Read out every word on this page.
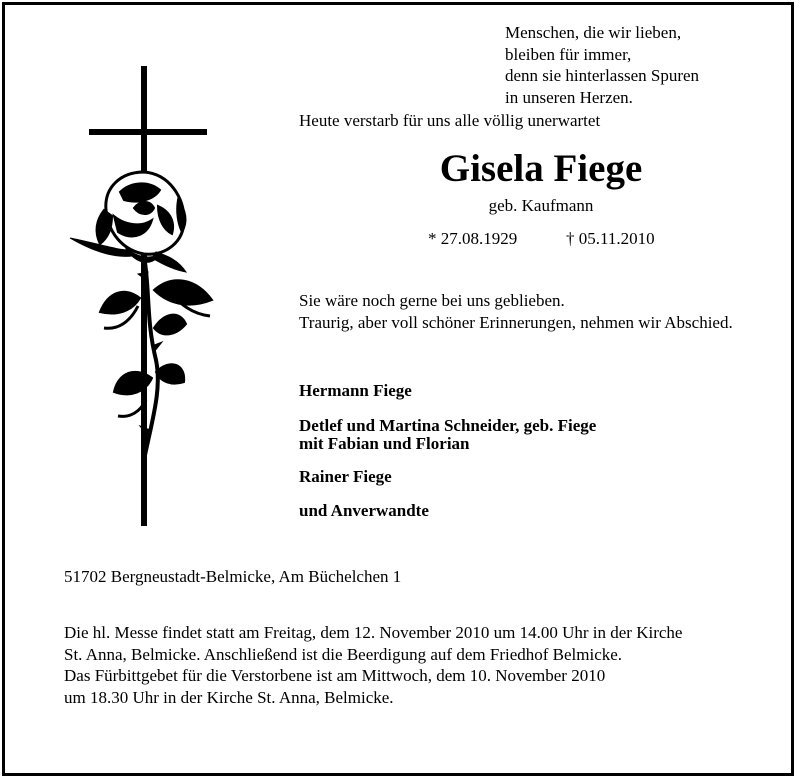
Menschen, die wir lieben,
bleiben für immer,
denn sie hinterlassen Spuren
in unseren Herzen.
Heute verstarb für uns alle völlig unerwartet
Gisela Fiege
geb. Kaufmann
* 27.08.1929	† 05.11.2010
Sie wäre noch gerne bei uns geblieben.
Traurig, aber voll schöner Erinnerungen, nehmen wir Abschied.
Hermann Fiege
Detlef und Martina Schneider, geb. Fiege
mit Fabian und Florian
Rainer Fiege
und Anverwandte
51702 Bergneustadt-Belmicke, Am Büchelchen 1
Die hl. Messe findet statt am Freitag, dem 12. November 2010 um 14.00 Uhr in der Kirche
St. Anna, Belmicke. Anschließend ist die Beerdigung auf dem Friedhof Belmicke.
Das Fürbittgebet für die Verstorbene ist am Mittwoch, dem 10. November 2010
um 18.30 Uhr in der Kirche St. Anna, Belmicke.
